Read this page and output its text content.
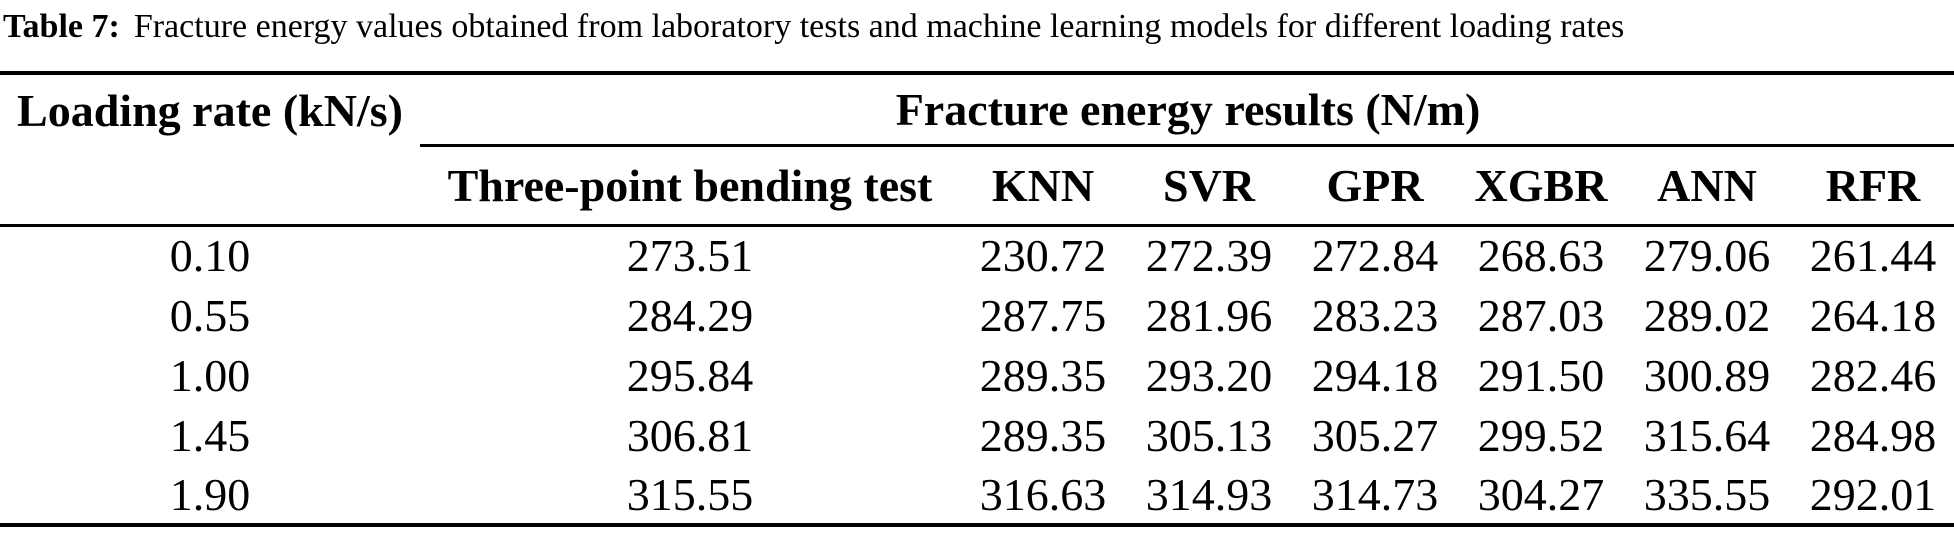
Table 7: Fracture energy values obtained from laboratory tests and machine learning models for different loading rates
Loading rate (kN/s)	Fracture energy results (N/m)						
	Three-point bending test	KNN	SVR	GPR	XGBR	ANN	RFR
0.10	273.51	230.72	272.39	272.84	268.63	279.06	261.44
0.55	284.29	287.75	281.96	283.23	287.03	289.02	264.18
1.00	295.84	289.35	293.20	294.18	291.50	300.89	282.46
1.45	306.81	289.35	305.13	305.27	299.52	315.64	284.98
1.90	315.55	316.63	314.93	314.73	304.27	335.55	292.01
